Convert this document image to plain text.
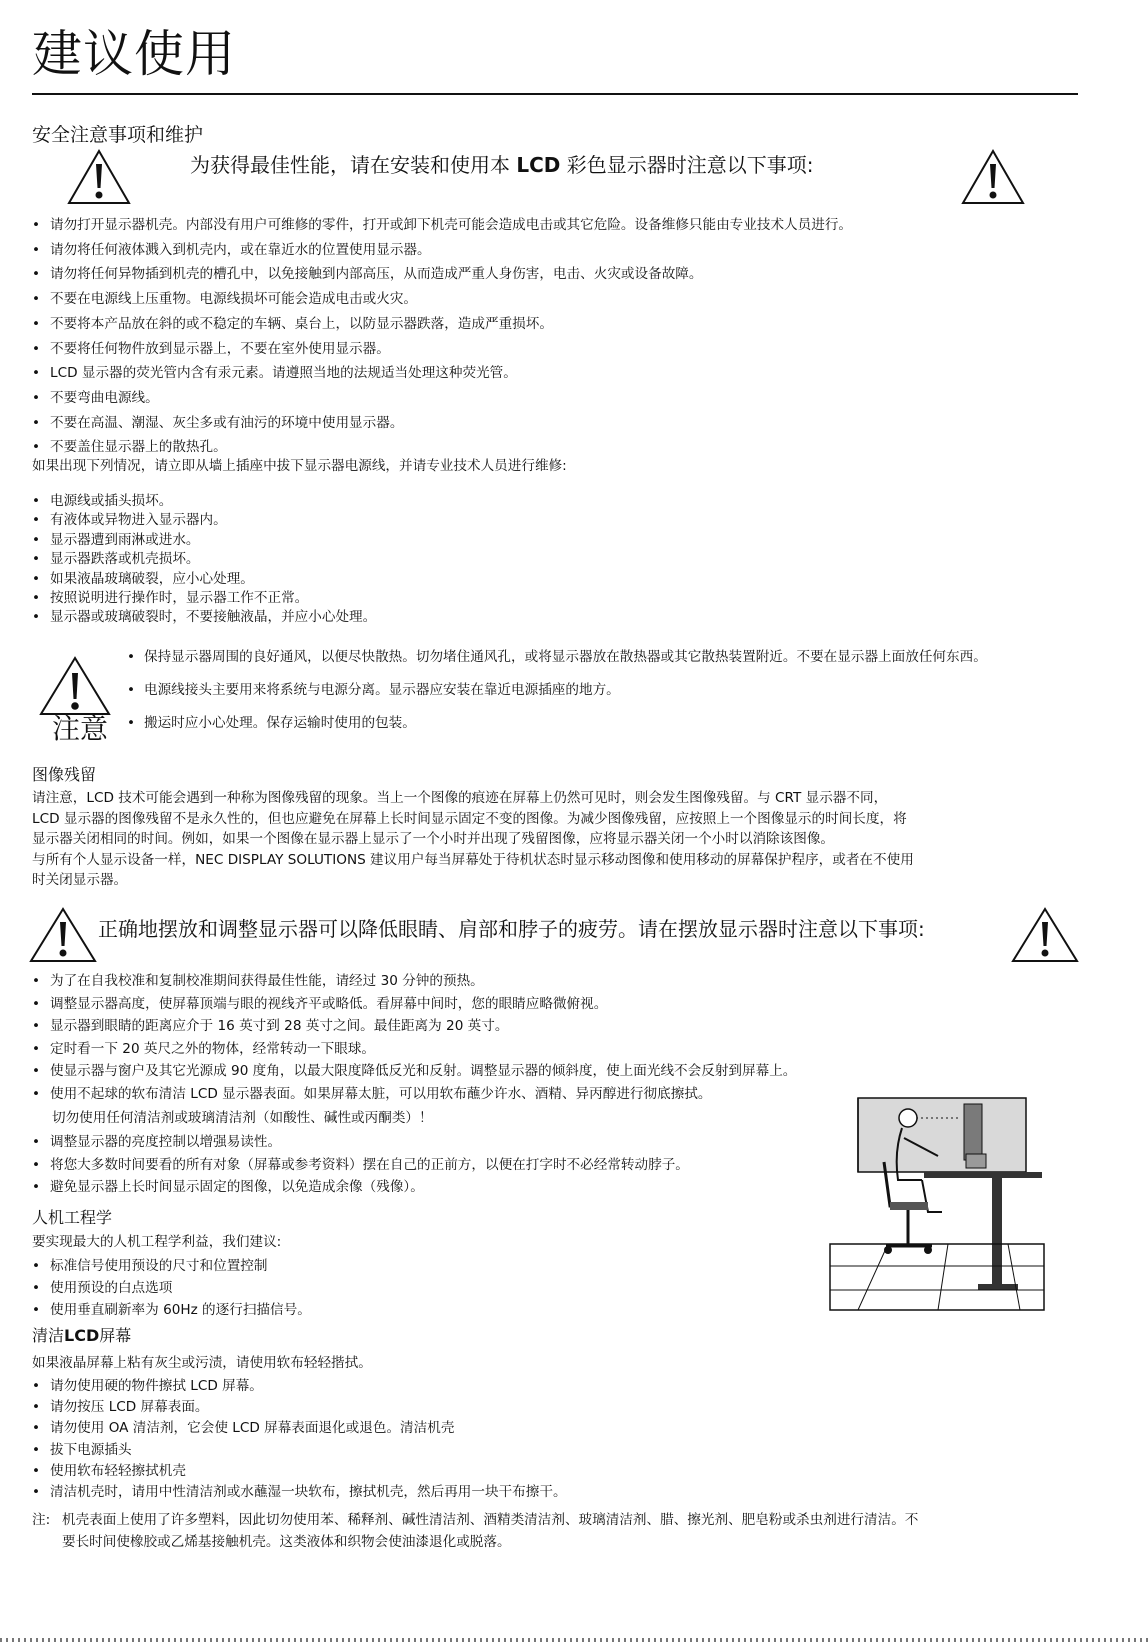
建议使用
安全注意事项和维护
为获得最佳性能，请在安装和使用本 LCD 彩色显示器时注意以下事项:
• 请勿打开显示器机壳。内部没有用户可维修的零件，打开或卸下机壳可能会造成电击或其它危险。设备维修只能由专业技术人员进行。
• 请勿将任何液体溅入到机壳内，或在靠近水的位置使用显示器。
• 请勿将任何异物插到机壳的槽孔中，以免接触到内部高压，从而造成严重人身伤害，电击、火灾或设备故障。
• 不要在电源线上压重物。电源线损坏可能会造成电击或火灾。
• 不要将本产品放在斜的或不稳定的车辆、桌台上，以防显示器跌落，造成严重损坏。
• 不要将任何物件放到显示器上，不要在室外使用显示器。
• LCD 显示器的荧光管内含有汞元素。请遵照当地的法规适当处理这种荧光管。
• 不要弯曲电源线。
• 不要在高温、潮湿、灰尘多或有油污的环境中使用显示器。
• 不要盖住显示器上的散热孔。

如果出现下列情况，请立即从墙上插座中拔下显示器电源线，并请专业技术人员进行维修:

• 电源线或插头损坏。
• 有液体或异物进入显示器内。
• 显示器遭到雨淋或进水。
• 显示器跌落或机壳损坏。
• 如果液晶玻璃破裂，应小心处理。
• 按照说明进行操作时，显示器工作不正常。
• 显示器或玻璃破裂时，不要接触液晶，并应小心处理。
注意
• 保持显示器周围的良好通风，以便尽快散热。切勿堵住通风孔，或将显示器放在散热器或其它散热装置附近。不要在显示器上面放任何东西。
• 电源线接头主要用来将系统与电源分离。显示器应安装在靠近电源插座的地方。
• 搬运时应小心处理。保存运输时使用的包装。
图像残留
请注意，LCD 技术可能会遇到一种称为图像残留的现象。当上一个图像的痕迹在屏幕上仍然可见时，则会发生图像残留。与 CRT 显示器不同，
LCD 显示器的图像残留不是永久性的，但也应避免在屏幕上长时间显示固定不变的图像。为减少图像残留，应按照上一个图像显示的时间长度，将
显示器关闭相同的时间。例如，如果一个图像在显示器上显示了一个小时并出现了残留图像，应将显示器关闭一个小时以消除该图像。
与所有个人显示设备一样，NEC DISPLAY SOLUTIONS 建议用户每当屏幕处于待机状态时显示移动图像和使用移动的屏幕保护程序，或者在不使用
时关闭显示器。
正确地摆放和调整显示器可以降低眼睛、肩部和脖子的疲劳。请在摆放显示器时注意以下事项:
• 为了在自我校准和复制校准期间获得最佳性能，请经过 30 分钟的预热。
• 调整显示器高度，使屏幕顶端与眼的视线齐平或略低。看屏幕中间时，您的眼睛应略微俯视。
• 显示器到眼睛的距离应介于 16 英寸到 28 英寸之间。最佳距离为 20 英寸。
• 定时看一下 20 英尺之外的物体，经常转动一下眼球。
• 使显示器与窗户及其它光源成 90 度角，以最大限度降低反光和反射。调整显示器的倾斜度，使上面光线不会反射到屏幕上。
• 使用不起球的软布清洁 LCD 显示器表面。如果屏幕太脏，可以用软布蘸少许水、酒精、异丙醇进行彻底擦拭。
切勿使用任何清洁剂或玻璃清洁剂（如酸性、碱性或丙酮类）！
• 调整显示器的亮度控制以增强易读性。
• 将您大多数时间要看的所有对象（屏幕或参考资料）摆在自己的正前方，以便在打字时不必经常转动脖子。
• 避免显示器上长时间显示固定的图像，以免造成余像（残像）。
人机工程学
要实现最大的人机工程学利益，我们建议:
• 标准信号使用预设的尺寸和位置控制
• 使用预设的白点选项
• 使用垂直刷新率为 60Hz 的逐行扫描信号。
清洁LCD屏幕
如果液晶屏幕上粘有灰尘或污渍，请使用软布轻轻揩拭。
• 请勿使用硬的物件擦拭 LCD 屏幕。
• 请勿按压 LCD 屏幕表面。
• 请勿使用 OA 清洁剂，它会使 LCD 屏幕表面退化或退色。清洁机壳
• 拔下电源插头
• 使用软布轻轻擦拭机壳
• 清洁机壳时，请用中性清洁剂或水蘸湿一块软布，擦拭机壳，然后再用一块干布擦干。
注: 机壳表面上使用了许多塑料，因此切勿使用苯、稀释剂、碱性清洁剂、酒精类清洁剂、玻璃清洁剂、腊、擦光剂、肥皂粉或杀虫剂进行清洁。不
要长时间使橡胶或乙烯基接触机壳。这类液体和织物会使油漆退化或脱落。
